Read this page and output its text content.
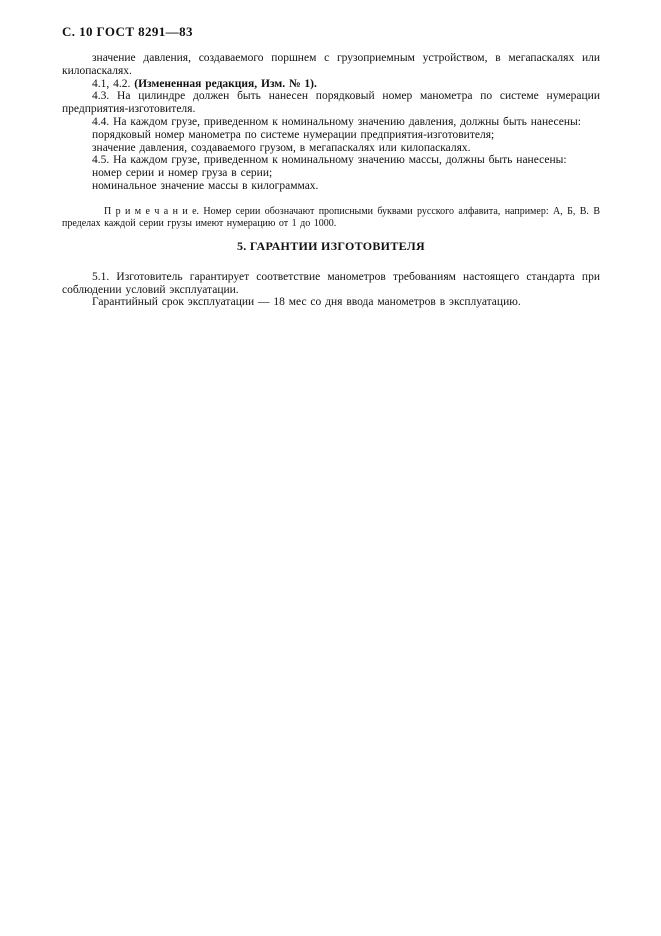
С. 10 ГОСТ 8291—83

значение давления, создаваемого поршнем с грузоприемным устройством, в мегапаскалях или килопаскалях.

4.1, 4.2. (Измененная редакция, Изм. № 1).

4.3. На цилиндре должен быть нанесен порядковый номер манометра по системе нумерации предприятия-изготовителя.

4.4. На каждом грузе, приведенном к номинальному значению давления, должны быть нанесены:

порядковый номер манометра по системе нумерации предприятия-изготовителя;

значение давления, создаваемого грузом, в мегапаскалях или килопаскалях.

4.5. На каждом грузе, приведенном к номинальному значению массы, должны быть нанесены:

номер серии и номер груза в серии;

номинальное значение массы в килограммах.

П р и м е ч а н и е. Номер серии обозначают прописными буквами русского алфавита, например: А, Б, В. В пределах каждой серии грузы имеют нумерацию от 1 до 1000.

5. ГАРАНТИИ ИЗГОТОВИТЕЛЯ

5.1. Изготовитель гарантирует соответствие манометров требованиям настоящего стандарта при соблюдении условий эксплуатации.

Гарантийный срок эксплуатации — 18 мес со дня ввода манометров в эксплуатацию.
